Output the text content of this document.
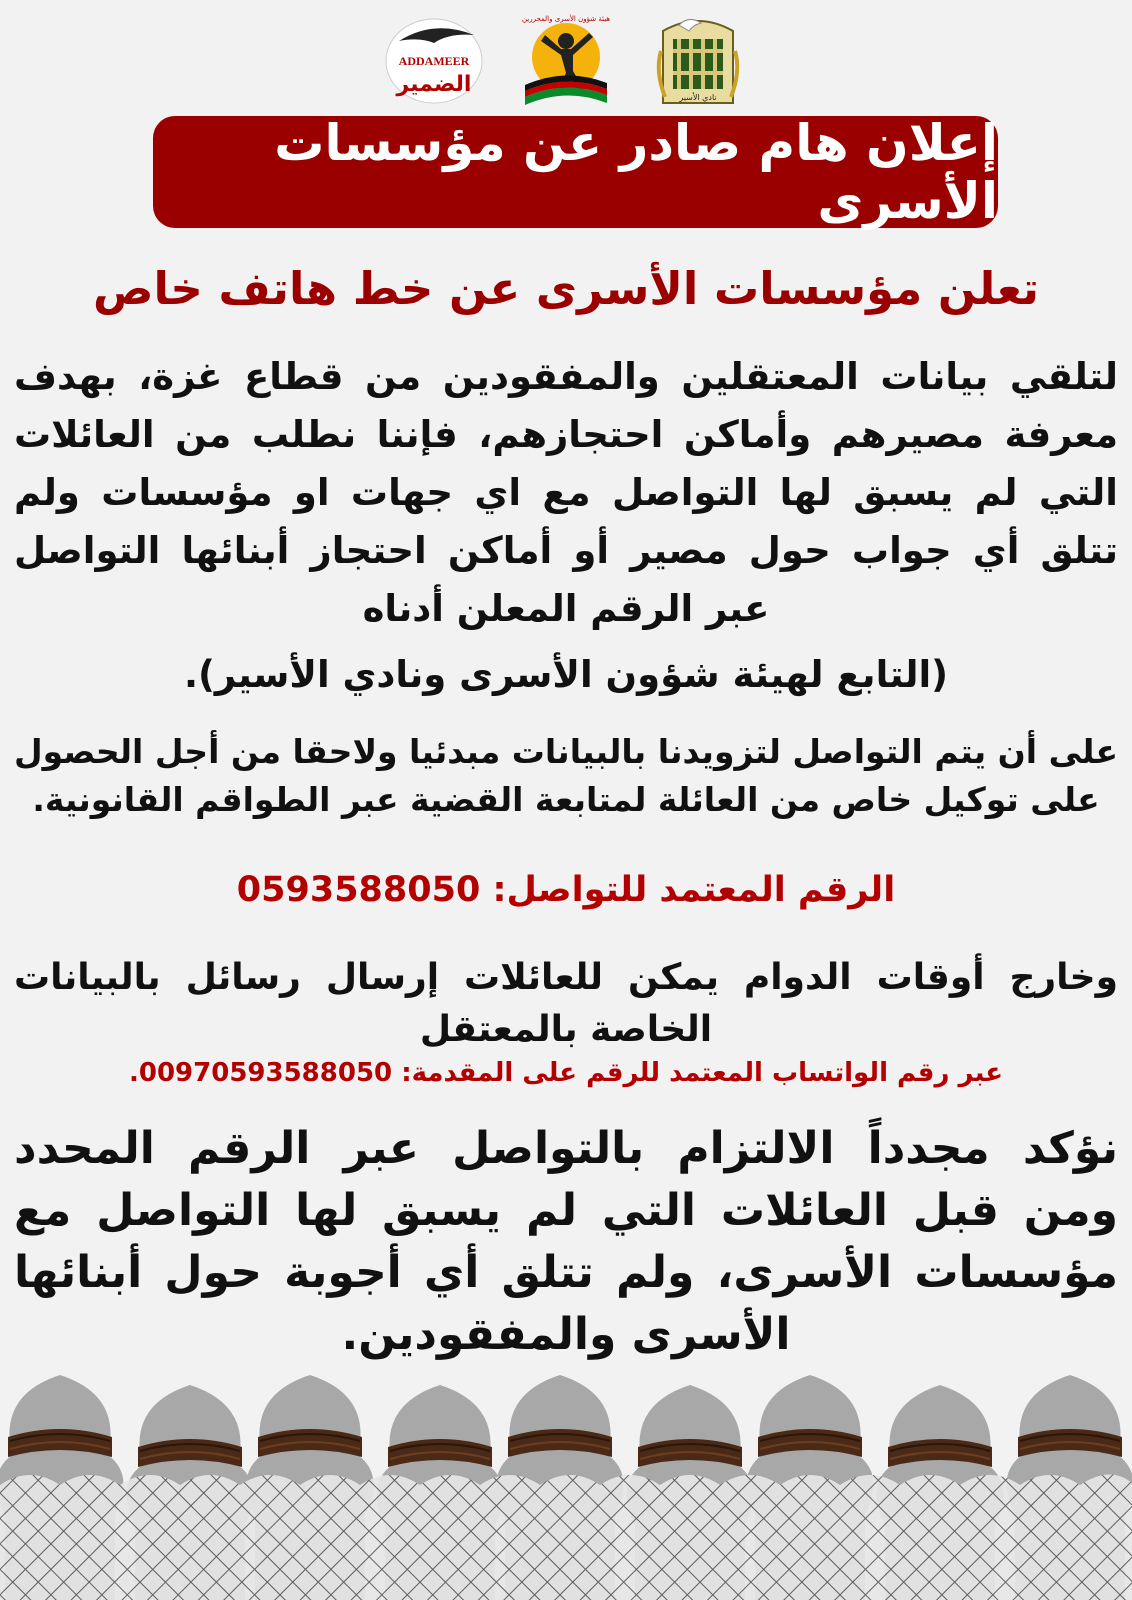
ADDAMEER
الضمير
هيئة شؤون الأسرى والمحررين
نادي الأسير
إعلان هام صادر عن مؤسسات الأسرى
تعلن مؤسسات الأسرى عن خط هاتف خاص

لتلقي بيانات المعتقلين والمفقودين من قطاع غزة، بهدف معرفة مصيرهم وأماكن احتجازهم، فإننا نطلب من العائلات التي لم يسبق لها التواصل مع اي جهات او مؤسسات ولم تتلق أي جواب حول مصير أو أماكن احتجاز أبنائها التواصل عبر الرقم المعلن أدناه
(التابع لهيئة شؤون الأسرى ونادي الأسير).

على أن يتم التواصل لتزويدنا بالبيانات مبدئيا ولاحقا من أجل الحصول على توكيل خاص من العائلة لمتابعة القضية عبر الطواقم القانونية.

الرقم المعتمد للتواصل: 0593588050

وخارج أوقات الدوام يمكن للعائلات إرسال رسائل بالبيانات الخاصة بالمعتقل

عبر رقم الواتساب المعتمد للرقم على المقدمة: 00970593588050.

نؤكد مجدداً الالتزام بالتواصل عبر الرقم المحدد ومن قبل العائلات التي لم يسبق لها التواصل مع مؤسسات الأسرى، ولم تتلق أي أجوبة حول أبنائها الأسرى والمفقودين.
